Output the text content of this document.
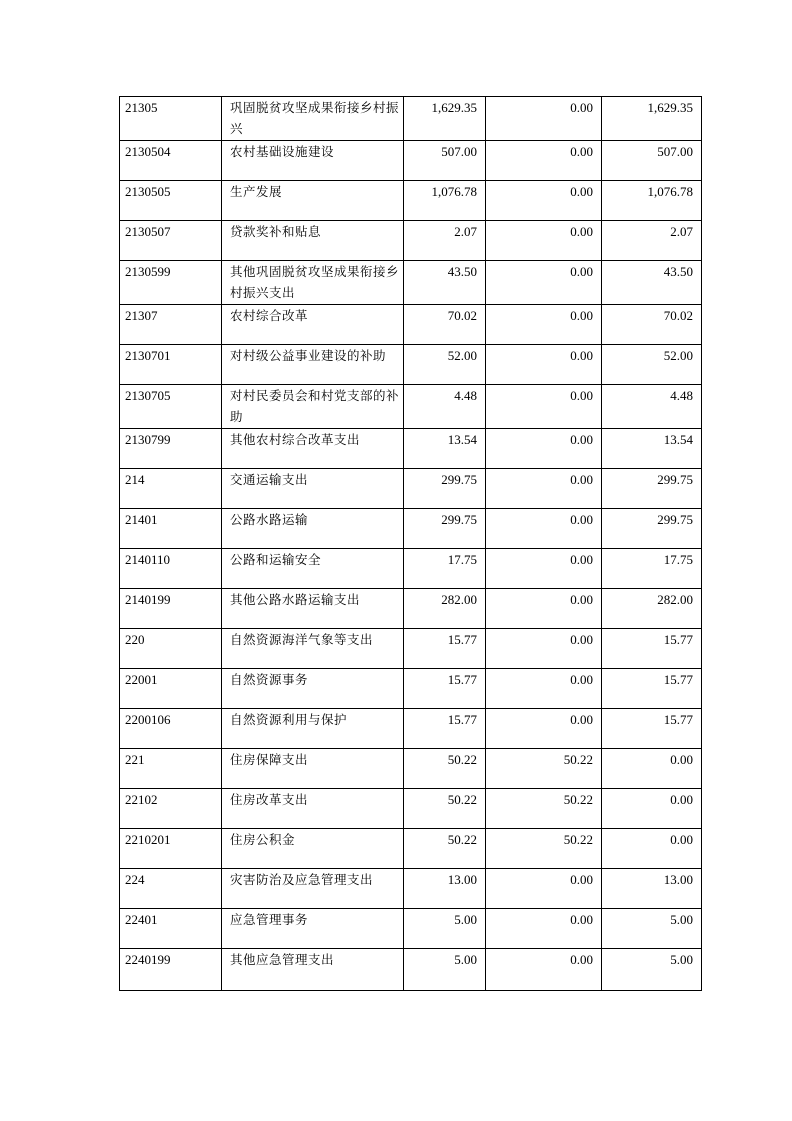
21305	巩固脱贫攻坚成果衔接乡村振兴	1,629.35	0.00	1,629.35
2130504	农村基础设施建设	507.00	0.00	507.00
2130505	生产发展	1,076.78	0.00	1,076.78
2130507	贷款奖补和贴息	2.07	0.00	2.07
2130599	其他巩固脱贫攻坚成果衔接乡村振兴支出	43.50	0.00	43.50
21307	农村综合改革	70.02	0.00	70.02
2130701	对村级公益事业建设的补助	52.00	0.00	52.00
2130705	对村民委员会和村党支部的补助	4.48	0.00	4.48
2130799	其他农村综合改革支出	13.54	0.00	13.54
214	交通运输支出	299.75	0.00	299.75
21401	公路水路运输	299.75	0.00	299.75
2140110	公路和运输安全	17.75	0.00	17.75
2140199	其他公路水路运输支出	282.00	0.00	282.00
220	自然资源海洋气象等支出	15.77	0.00	15.77
22001	自然资源事务	15.77	0.00	15.77
2200106	自然资源利用与保护	15.77	0.00	15.77
221	住房保障支出	50.22	50.22	0.00
22102	住房改革支出	50.22	50.22	0.00
2210201	住房公积金	50.22	50.22	0.00
224	灾害防治及应急管理支出	13.00	0.00	13.00
22401	应急管理事务	5.00	0.00	5.00
2240199	其他应急管理支出	5.00	0.00	5.00
